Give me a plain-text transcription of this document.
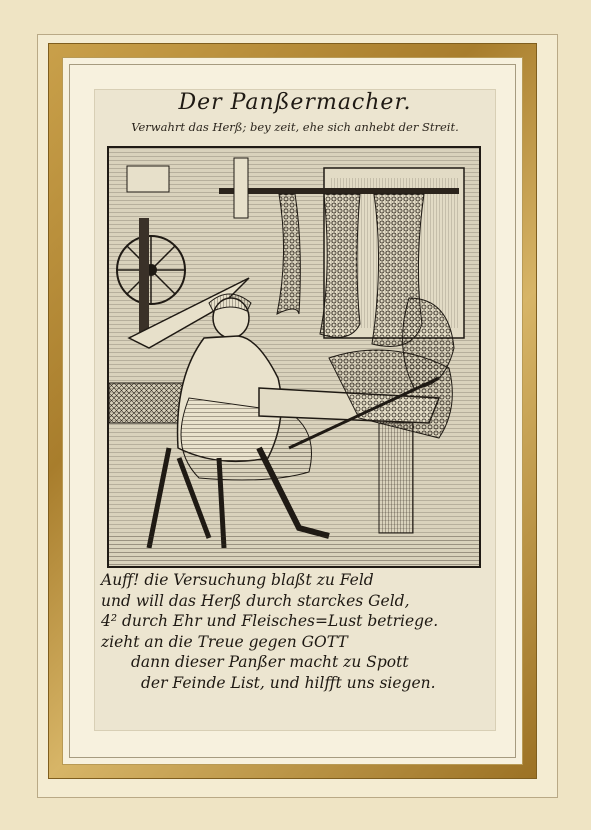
Der Panßermacher.
Verwahrt das Herß; bey zeit, ehe sich anhebt der Streit.
Auff! die Versuchung blaßt zu Feld
und will das Herß durch starckes Geld,
4² durch Ehr und Fleisches=Lust betriege.
zieht an die Treue gegen GOTT
dann dieser Panßer macht zu Spott
der Feinde List, und hilfft uns siegen.
